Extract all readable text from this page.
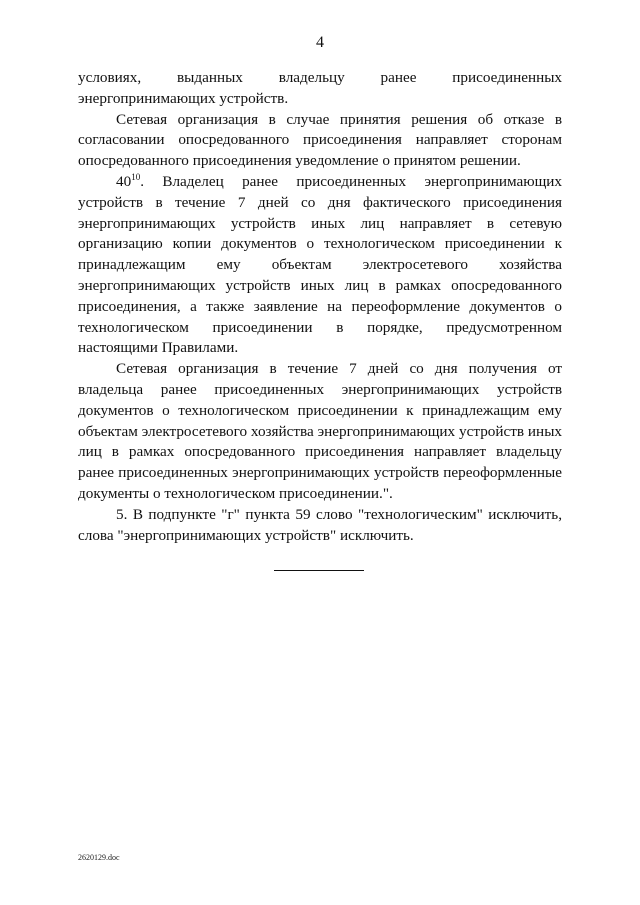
4

условиях, выданных владельцу ранее присоединенных энергопринимающих устройств.

Сетевая организация в случае принятия решения об отказе в согласовании опосредованного присоединения направляет сторонам опосредованного присоединения уведомление о принятом решении.

$40^{10}$. Владелец ранее присоединенных энергопринимающих устройств в течение 7 дней со дня фактического присоединения энергопринимающих устройств иных лиц направляет в сетевую организацию копии документов о технологическом присоединении к принадлежащим ему объектам электросетевого хозяйства энергопринимающих устройств иных лиц в рамках опосредованного присоединения, а также заявление на переоформление документов о технологическом присоединении в порядке, предусмотренном настоящими Правилами.

Сетевая организация в течение 7 дней со дня получения от владельца ранее присоединенных энергопринимающих устройств документов о технологическом присоединении к принадлежащим ему объектам электросетевого хозяйства энергопринимающих устройств иных лиц в рамках опосредованного присоединения направляет владельцу ранее присоединенных энергопринимающих устройств переоформленные документы о технологическом присоединении.".

5. В подпункте "г" пункта 59 слово "технологическим" исключить, слова "энергопринимающих устройств" исключить.

2620129.doc
